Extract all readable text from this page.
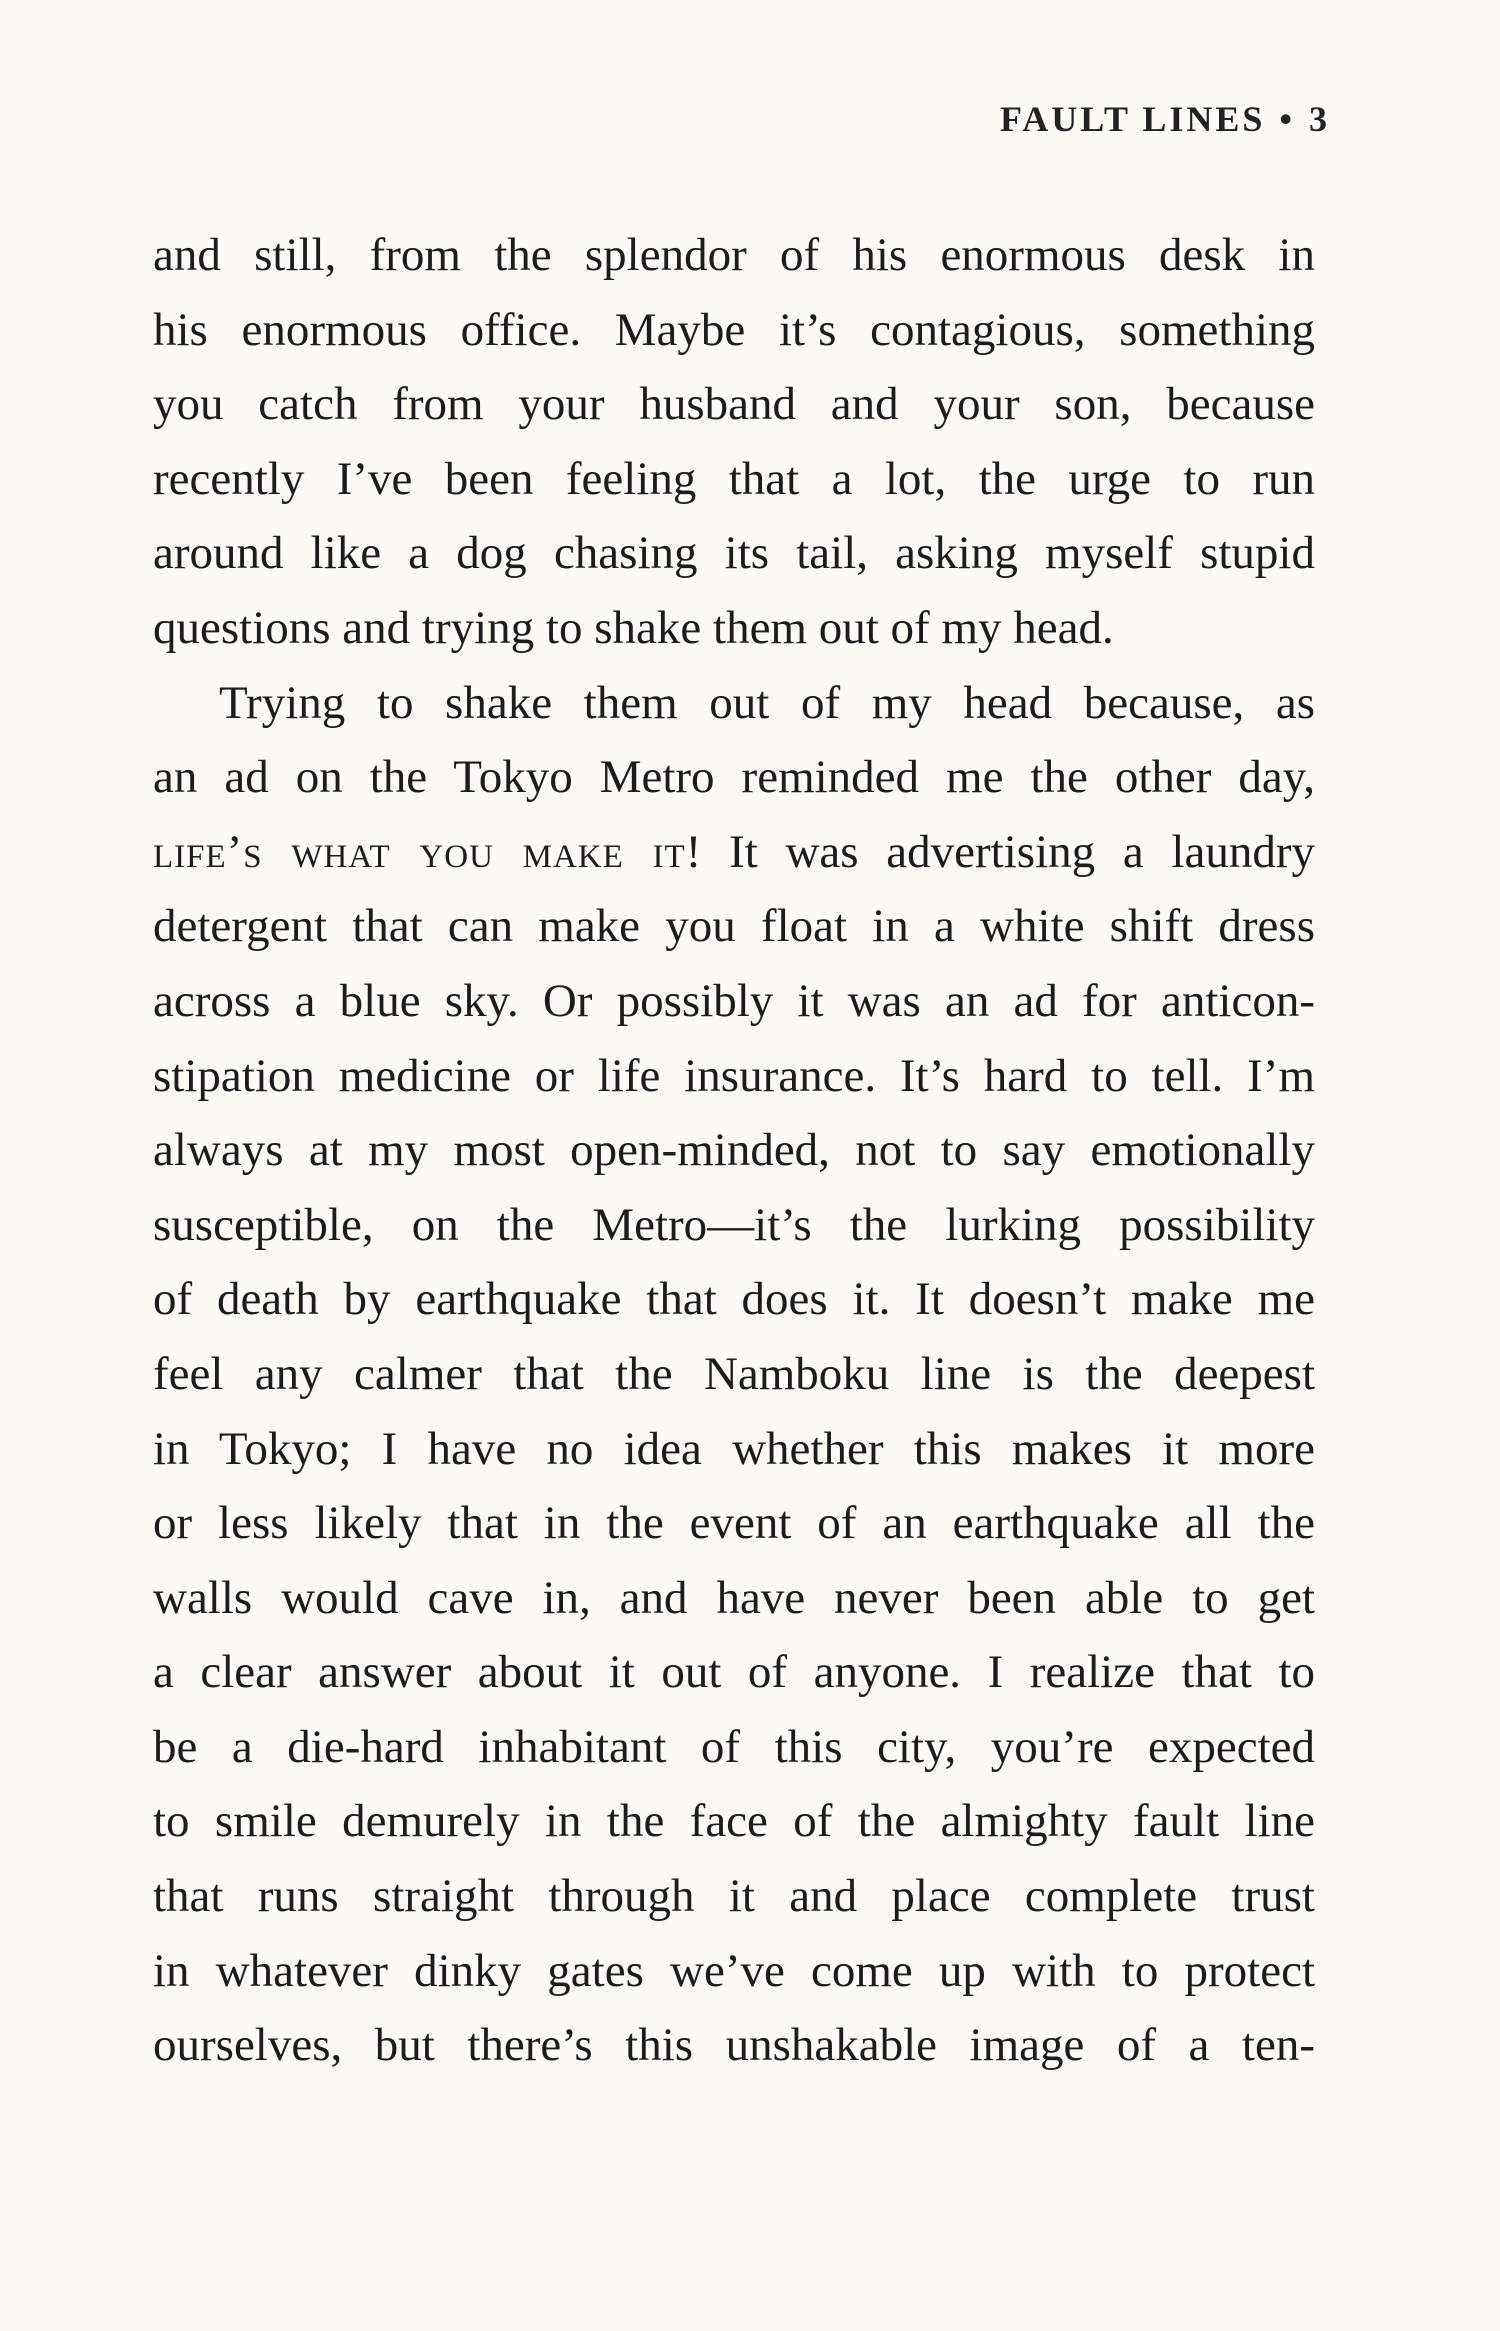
FAULT LINES • 3
and still, from the splendor of his enormous desk in
his enormous office. Maybe it’s contagious, something
you catch from your husband and your son, because
recently I’ve been feeling that a lot, the urge to run
around like a dog chasing its tail, asking myself stupid
questions and trying to shake them out of my head.
Trying to shake them out of my head because, as
an ad on the Tokyo Metro reminded me the other day,
life’s what you make it! It was advertising a laundry
detergent that can make you float in a white shift dress
across a blue sky. Or possibly it was an ad for anticon-
stipation medicine or life insurance. It’s hard to tell. I’m
always at my most open-minded, not to say emotionally
susceptible, on the Metro—it’s the lurking possibility
of death by earthquake that does it. It doesn’t make me
feel any calmer that the Namboku line is the deepest
in Tokyo; I have no idea whether this makes it more
or less likely that in the event of an earthquake all the
walls would cave in, and have never been able to get
a clear answer about it out of anyone. I realize that to
be a die-hard inhabitant of this city, you’re expected
to smile demurely in the face of the almighty fault line
that runs straight through it and place complete trust
in whatever dinky gates we’ve come up with to protect
ourselves, but there’s this unshakable image of a ten-
